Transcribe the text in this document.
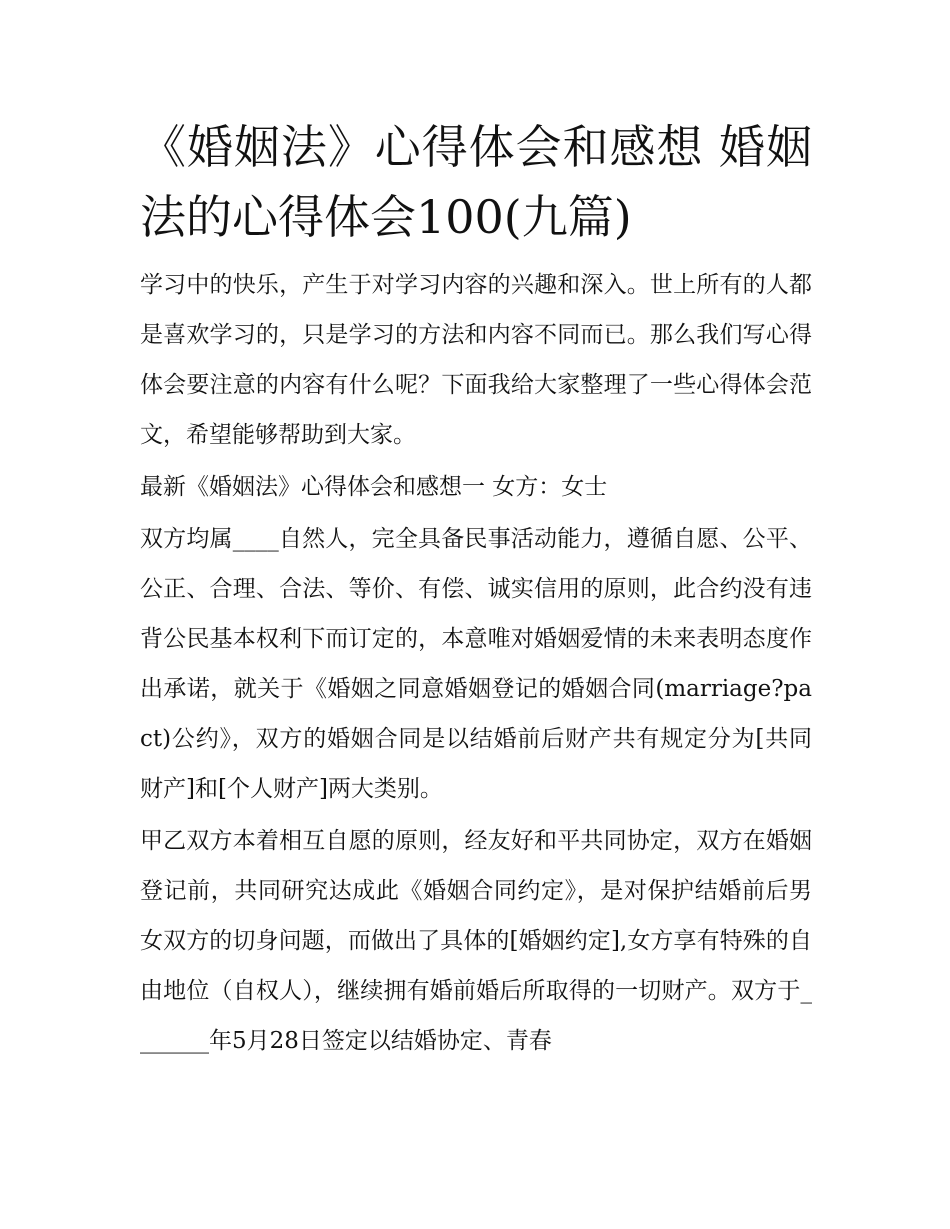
《婚姻法》心得体会和感想 婚姻法的心得体会100(九篇)

学习中的快乐，产生于对学习内容的兴趣和深入。世上所有的人都是喜欢学习的，只是学习的方法和内容不同而已。那么我们写心得体会要注意的内容有什么呢？下面我给大家整理了一些心得体会范文，希望能够帮助到大家。

最新《婚姻法》心得体会和感想一 女方：女士

双方均属____自然人，完全具备民事活动能力，遵循自愿、公平、公正、合理、合法、等价、有偿、诚实信用的原则，此合约没有违背公民基本权利下而订定的，本意唯对婚姻爱情的未来表明态度作出承诺，就关于《婚姻之同意婚姻登记的婚姻合同(marriage?pact)公约》，双方的婚姻合同是以结婚前后财产共有规定分为[共同财产]和[个人财产]两大类别。

甲乙双方本着相互自愿的原则，经友好和平共同协定，双方在婚姻登记前，共同研究达成此《婚姻合同约定》，是对保护结婚前后男女双方的切身问题，而做出了具体的[婚姻约定],女方享有特殊的自由地位（自权人），继续拥有婚前婚后所取得的一切财产。双方于_______年5月28日签定以结婚协定、青春
